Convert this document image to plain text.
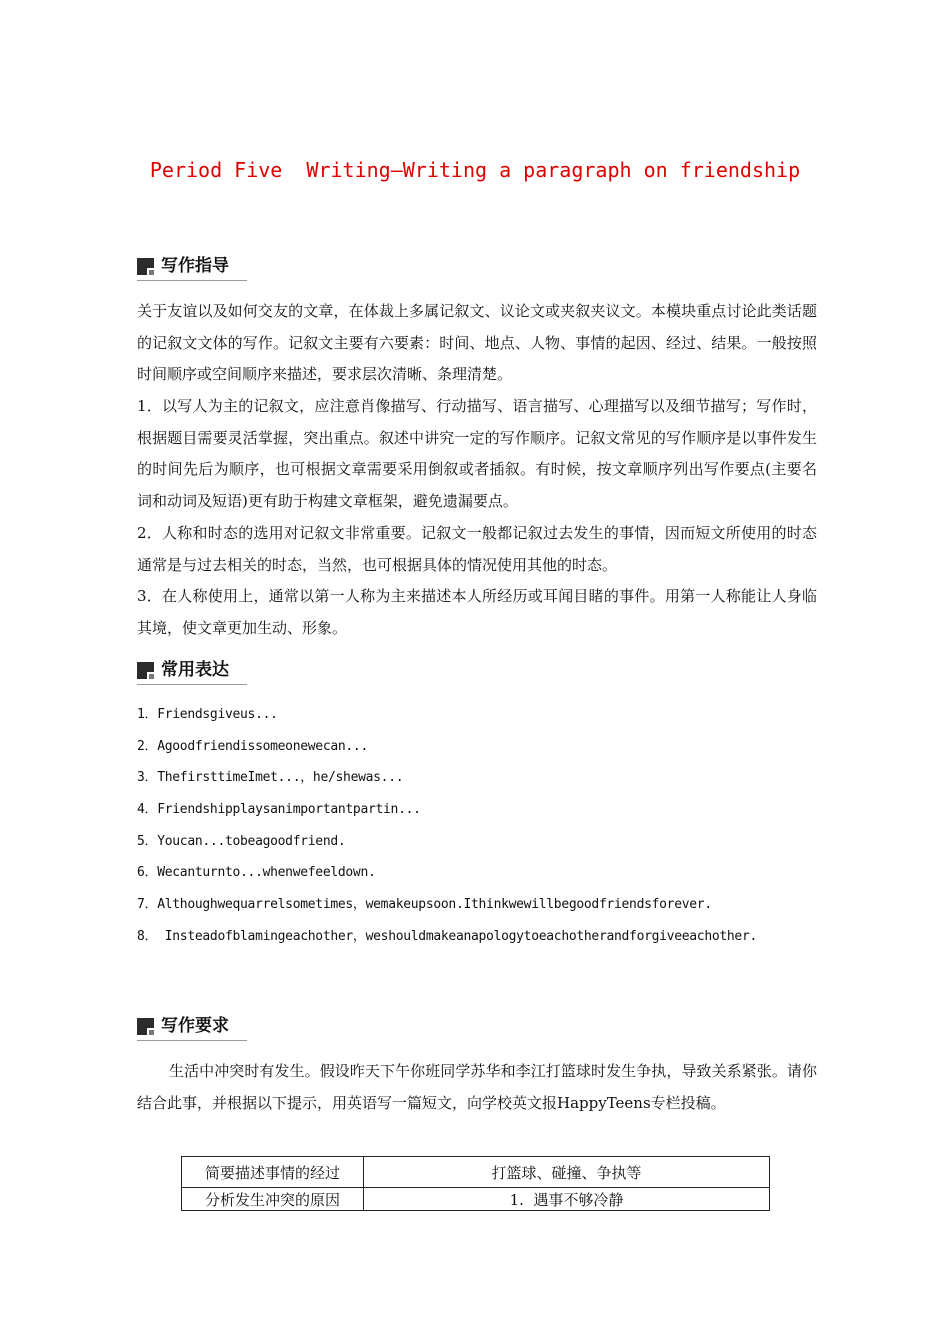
Period Five  Writing—Writing a paragraph on friendship
写作指导
关于友谊以及如何交友的文章，在体裁上多属记叙文、议论文或夹叙夹议文。本模块重点讨论此类话题的记叙文文体的写作。记叙文主要有六要素：时间、地点、人物、事情的起因、经过、结果。一般按照时间顺序或空间顺序来描述，要求层次清晰、条理清楚。
1．以写人为主的记叙文，应注意肖像描写、行动描写、语言描写、心理描写以及细节描写；写作时，根据题目需要灵活掌握，突出重点。叙述中讲究一定的写作顺序。记叙文常见的写作顺序是以事件发生的时间先后为顺序，也可根据文章需要采用倒叙或者插叙。有时候，按文章顺序列出写作要点(主要名词和动词及短语)更有助于构建文章框架，避免遗漏要点。
2．人称和时态的选用对记叙文非常重要。记叙文一般都记叙过去发生的事情，因而短文所使用的时态通常是与过去相关的时态，当然，也可根据具体的情况使用其他的时态。
3．在人称使用上，通常以第一人称为主来描述本人所经历或耳闻目睹的事件。用第一人称能让人身临其境，使文章更加生动、形象。
常用表达
1．Friendsgiveus...
2．Agoodfriendissomeonewecan...
3．ThefirsttimeImet...，he/shewas...
4．Friendshipplaysanimportantpartin...
5．Youcan...tobeagoodfriend.
6．Wecanturnto...whenwefeeldown.
7．Althoughwequarrelsometimes，wemakeupsoon.Ithinkwewillbegoodfriendsforever.
8． Insteadofblamingeachother，weshouldmakeanapologytoeachotherandforgiveeachother.
写作要求
生活中冲突时有发生。假设昨天下午你班同学苏华和李江打篮球时发生争执，导致关系紧张。请你结合此事，并根据以下提示，用英语写一篇短文，向学校英文报HappyTeens专栏投稿。
简要描述事情的经过	打篮球、碰撞、争执等
分析发生冲突的原因	1.  遇事不够冷静
